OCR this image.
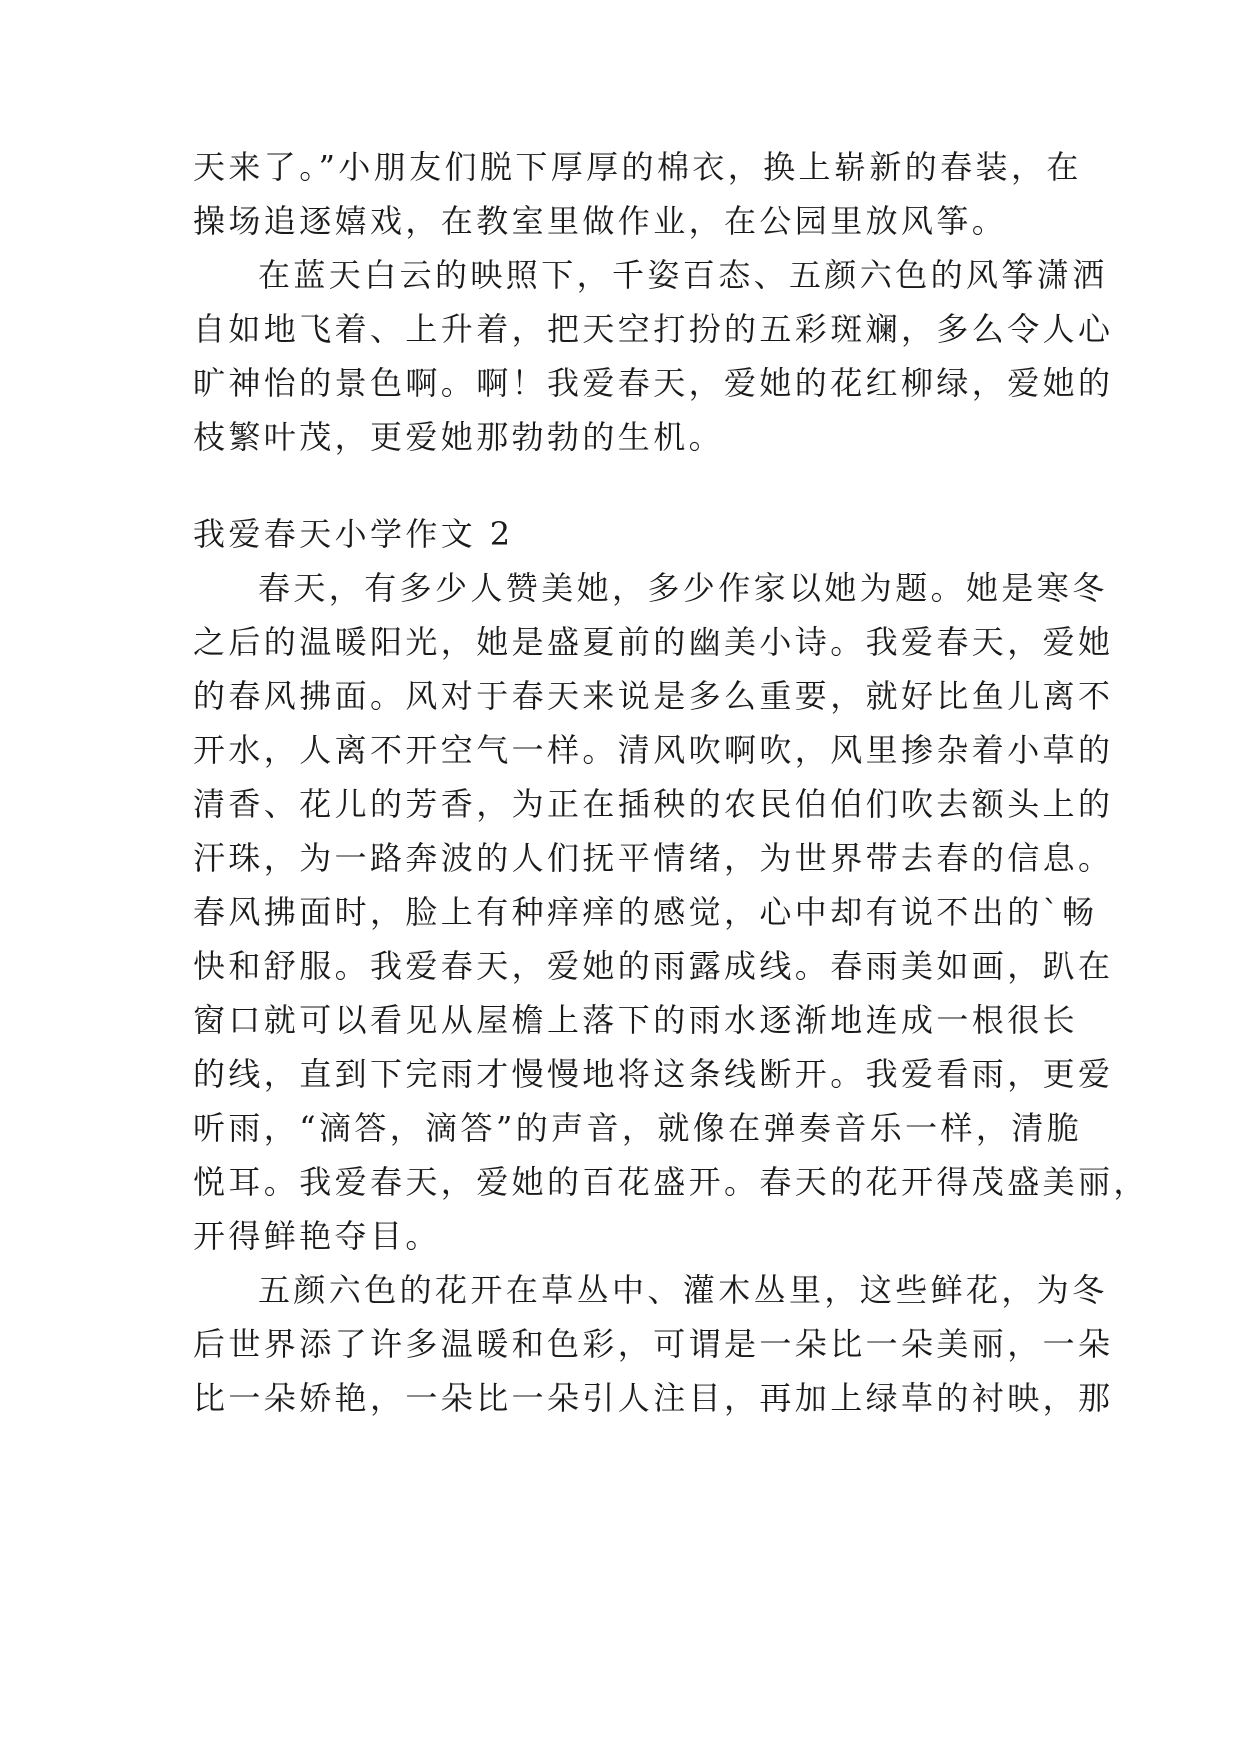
天来了。”小朋友们脱下厚厚的棉衣，换上崭新的春装，在
操场追逐嬉戏，在教室里做作业，在公园里放风筝。
在蓝天白云的映照下，千姿百态、五颜六色的风筝潇洒
自如地飞着、上升着，把天空打扮的五彩斑斓，多么令人心
旷神怡的景色啊。啊！我爱春天，爱她的花红柳绿，爱她的
枝繁叶茂，更爱她那勃勃的生机。
我爱春天小学作文 2
春天，有多少人赞美她，多少作家以她为题。她是寒冬
之后的温暖阳光，她是盛夏前的幽美小诗。我爱春天，爱她
的春风拂面。风对于春天来说是多么重要，就好比鱼儿离不
开水，人离不开空气一样。清风吹啊吹，风里掺杂着小草的
清香、花儿的芳香，为正在插秧的农民伯伯们吹去额头上的
汗珠，为一路奔波的人们抚平情绪，为世界带去春的信息。
春风拂面时，脸上有种痒痒的感觉，心中却有说不出的`畅
快和舒服。我爱春天，爱她的雨露成线。春雨美如画，趴在
窗口就可以看见从屋檐上落下的雨水逐渐地连成一根很长
的线，直到下完雨才慢慢地将这条线断开。我爱看雨，更爱
听雨，“滴答，滴答”的声音，就像在弹奏音乐一样，清脆
悦耳。我爱春天，爱她的百花盛开。春天的花开得茂盛美丽，
开得鲜艳夺目。
五颜六色的花开在草丛中、灌木丛里，这些鲜花，为冬
后世界添了许多温暖和色彩，可谓是一朵比一朵美丽，一朵
比一朵娇艳，一朵比一朵引人注目，再加上绿草的衬映，那
